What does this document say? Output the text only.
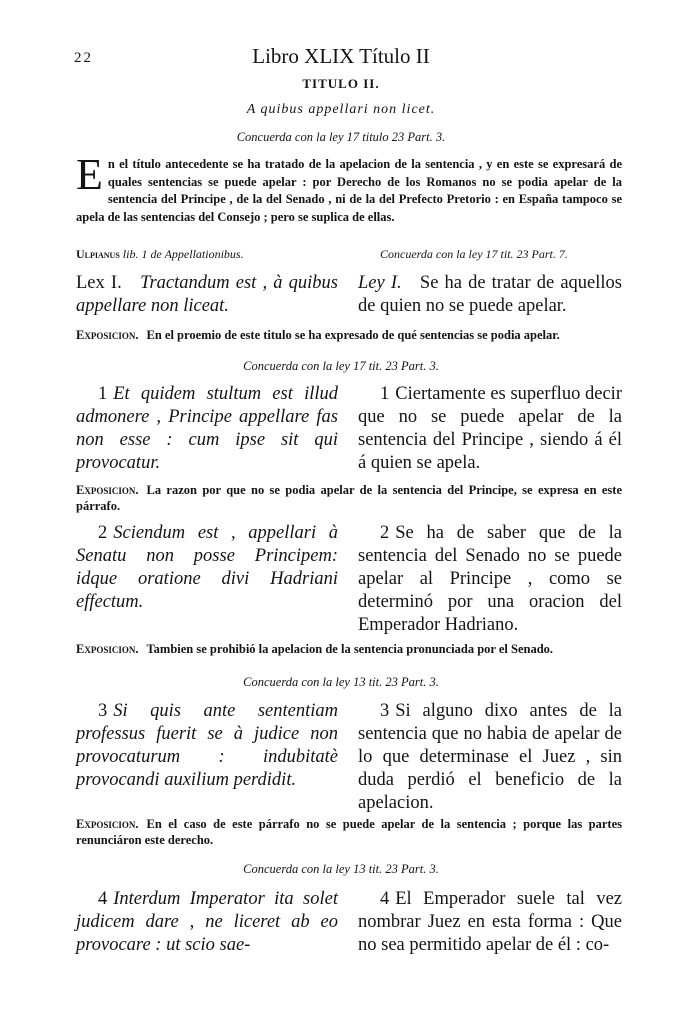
22	Libro XLIX Título II
TITULO II.
A quibus appellari non licet.
Concuerda con la ley 17 titulo 23 Part. 3.
En el título antecedente se ha tratado de la apelacion de la sentencia , y en este se expresará de quales sentencias se puede apelar : por Derecho de los Romanos no se podia apelar de la sentencia del Principe , de la del Senado , ni de la del Prefecto Pretorio : en España tampoco se apela de las sentencias del Consejo ; pero se suplica de ellas.
Ulpianus lib. 1 de Appellationibus.	Concuerda con la ley 17 tit. 23 Part. 7.
Lex I. Tractandum est , à quibus appellare non liceat.
Ley I. Se ha de tratar de aquellos de quien no se puede apelar.
Exposicion. En el proemio de este titulo se ha expresado de qué sentencias se podia apelar.
Concuerda con la ley 17 tit. 23 Part. 3.
1 Et quidem stultum est illud admonere , Principe appellare fas non esse : cum ipse sit qui provocatur.
1 Ciertamente es superfluo decir que no se puede apelar de la sentencia del Principe , siendo á él á quien se apela.
Exposicion. La razon por que no se podia apelar de la sentencia del Principe, se expresa en este párrafo.
2 Sciendum est , appellari à Senatu non posse Principem: idque oratione divi Hadriani effectum.
2 Se ha de saber que de la sentencia del Senado no se puede apelar al Principe , como se determinó por una oracion del Emperador Hadriano.
Exposicion. Tambien se prohibió la apelacion de la sentencia pronunciada por el Senado.
Concuerda con la ley 13 tit. 23 Part. 3.
3 Si quis ante sententiam professus fuerit se à judice non provocaturum : indubitatè provocandi auxilium perdidit.
3 Si alguno dixo antes de la sentencia que no habia de apelar de lo que determinase el Juez , sin duda perdió el beneficio de la apelacion.
Exposicion. En el caso de este párrafo no se puede apelar de la sentencia ; porque las partes renunciáron este derecho.
Concuerda con la ley 13 tit. 23 Part. 3.
4 Interdum Imperator ita solet judicem dare , ne liceret ab eo provocare : ut scio sae-
4 El Emperador suele tal vez nombrar Juez en esta forma : Que no sea permitido apelar de él : co-
